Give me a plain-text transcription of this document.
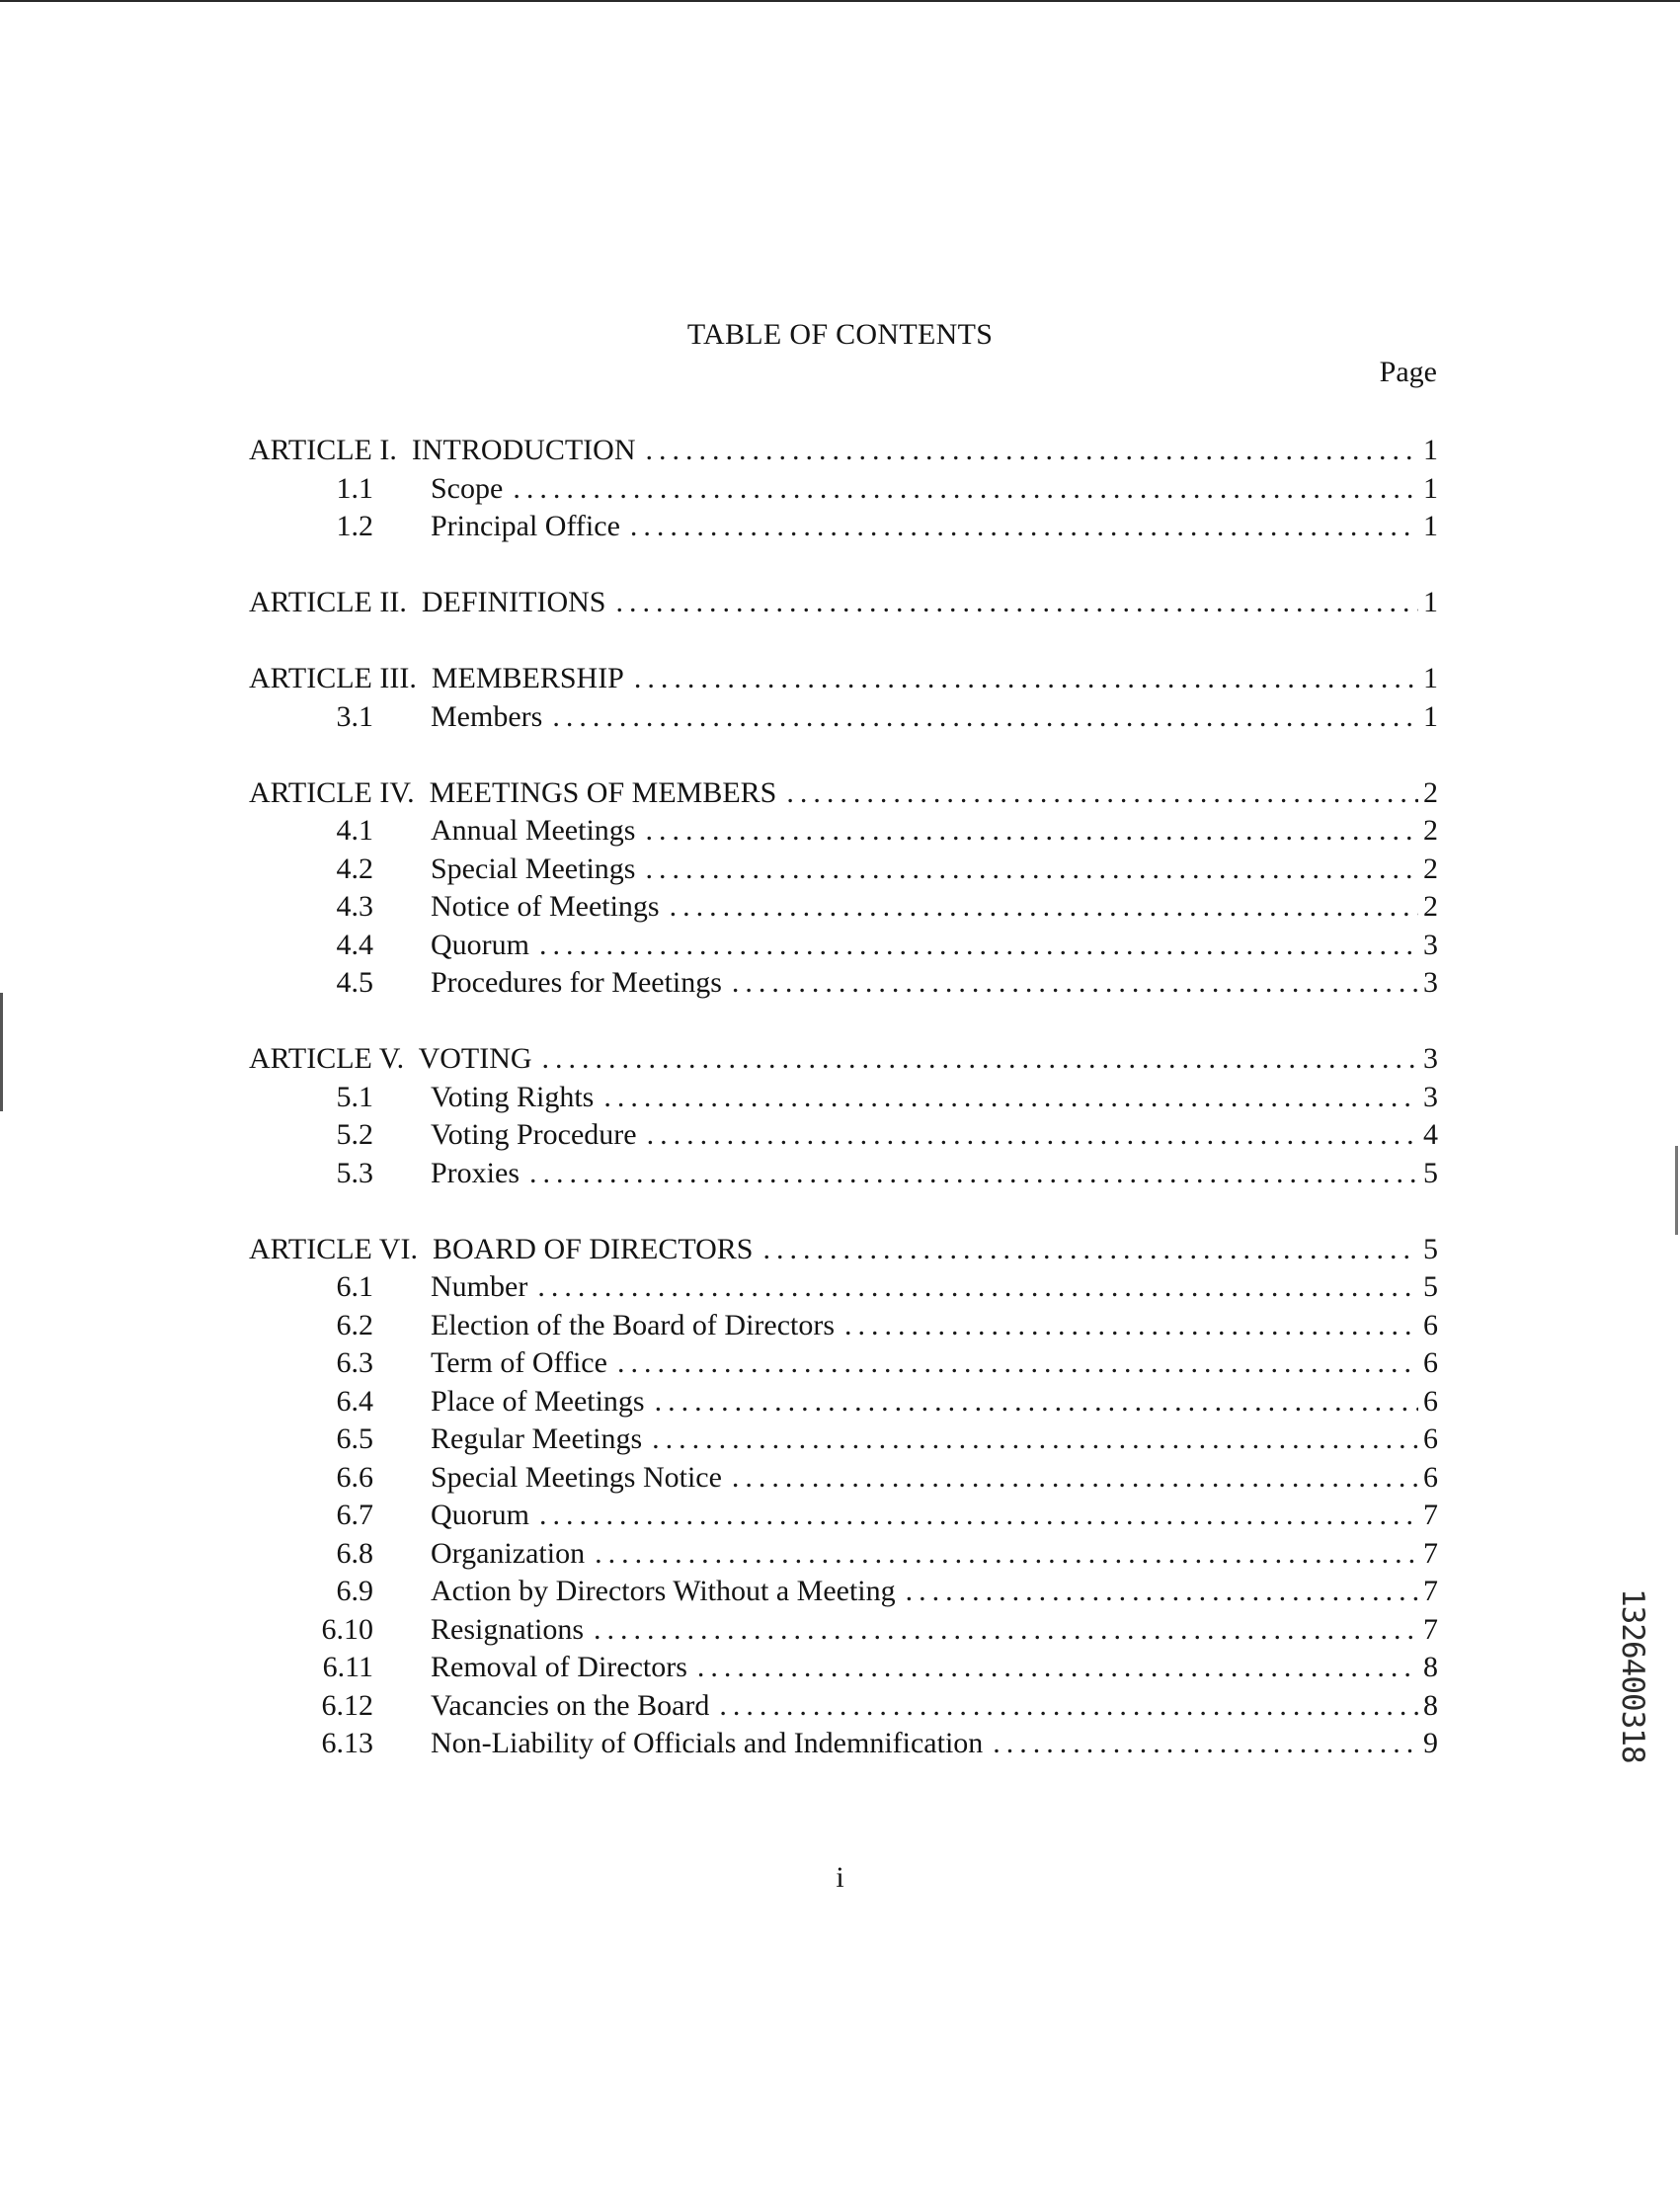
TABLE OF CONTENTS
Page
ARTICLE I.  INTRODUCTION .....	1
1.1 Scope .....	1
1.2 Principal Office .....	1
ARTICLE II.  DEFINITIONS .....	1
ARTICLE III.  MEMBERSHIP .....	1
3.1 Members .....	1
ARTICLE IV.  MEETINGS OF MEMBERS .....	2
4.1 Annual Meetings .....	2
4.2 Special Meetings .....	2
4.3 Notice of Meetings .....	2
4.4 Quorum .....	3
4.5 Procedures for Meetings .....	3
ARTICLE V.  VOTING .....	3
5.1 Voting Rights .....	3
5.2 Voting Procedure .....	4
5.3 Proxies .....	5
ARTICLE VI.  BOARD OF DIRECTORS .....	5
6.1 Number .....	5
6.2 Election of the Board of Directors .....	6
6.3 Term of Office .....	6
6.4 Place of Meetings .....	6
6.5 Regular Meetings .....	6
6.6 Special Meetings Notice .....	6
6.7 Quorum .....	7
6.8 Organization .....	7
6.9 Action by Directors Without a Meeting .....	7
6.10 Resignations .....	7
6.11 Removal of Directors .....	8
6.12 Vacancies on the Board .....	8
6.13 Non-Liability of Officials and Indemnification .....	9
i
1326400318
